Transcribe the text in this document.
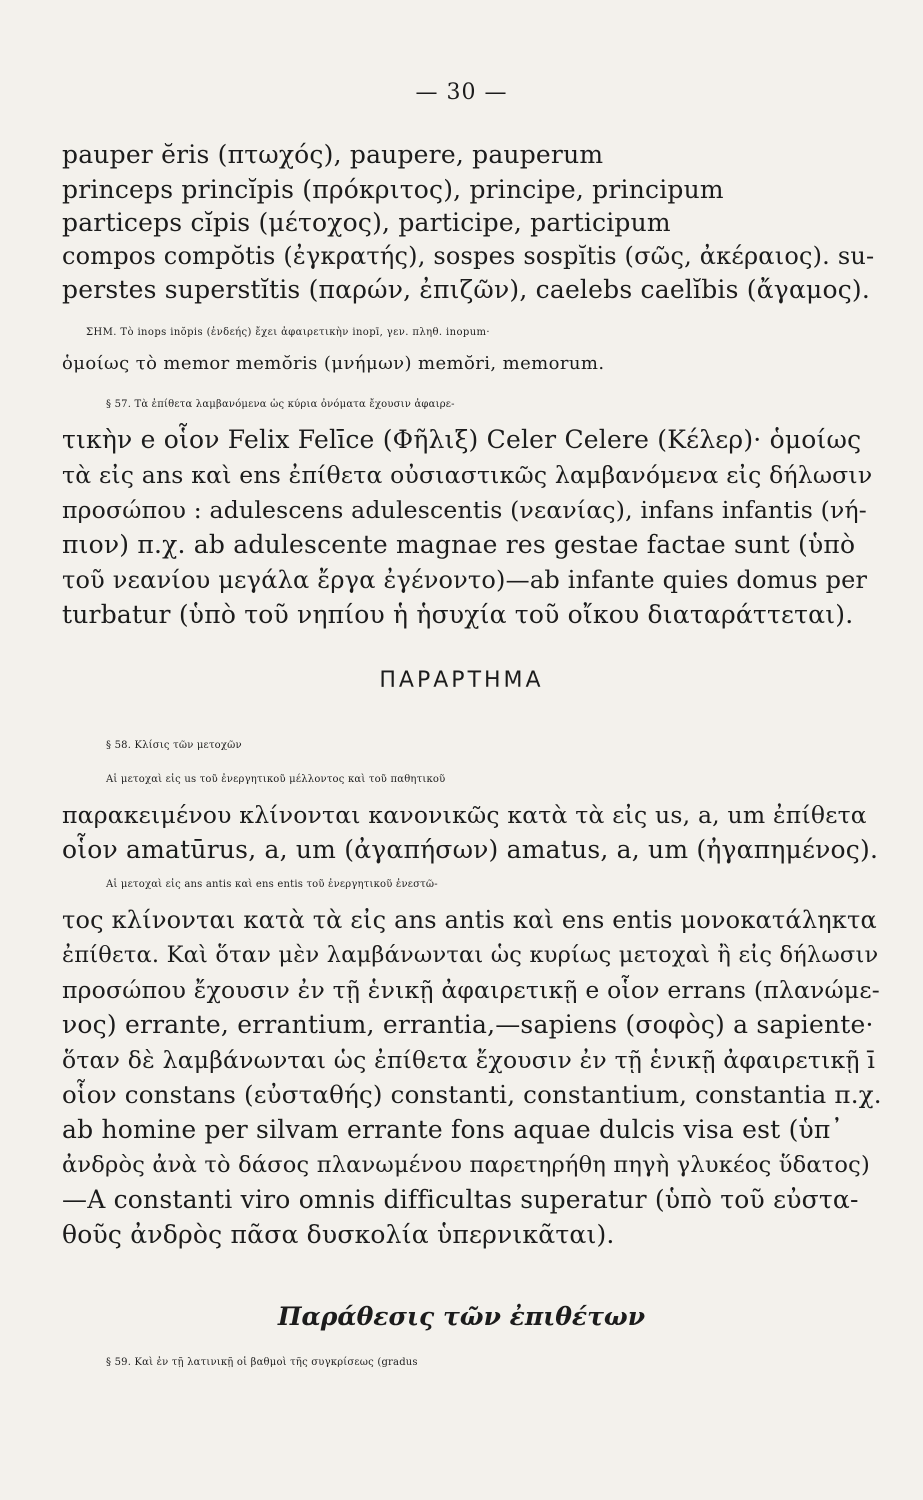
— 30 —
pauper ĕris (πτωχός), paupere, pauperum
princeps princĭpis (πρόκριτος), principe, principum
particeps cĭpis (μέτοχος), participe, participum
compos compŏtis (ἐγκρατής), sospes sospĭtis (σῶς, ἀκέραιος). su-
perstes superstĭtis (παρών, ἐπιζῶν), caelebs caelĭbis (ἄγαμος).
ΣΗΜ. Τὸ inops inŏpis (ἐνδεής) ἔχει ἀφαιρετικὴν inopī, γεν. πληθ. inopum·
ὁμοίως τὸ memor memŏris (μνήμων) memŏri, memorum.
§ 57. Τὰ ἐπίθετα λαμβανόμενα ὡς κύρια ὀνόματα ἔχουσιν ἀφαιρε-
τικὴν e οἷον Felix Felīce (Φῆλιξ) Celer Celere (Κέλερ)· ὁμοίως
τὰ εἰς ans καὶ ens ἐπίθετα οὐσιαστικῶς λαμβανόμενα εἰς δήλωσιν
προσώπου : adulescens adulescentis (νεανίας), infans infantis (νή-
πιον) π.χ. ab adulescente magnae res gestae factae sunt (ὑπὸ
τοῦ νεανίου μεγάλα ἔργα ἐγένοντο)—ab infante quies domus per
turbatur (ὑπὸ τοῦ νηπίου ἡ ἡσυχία τοῦ οἴκου διαταράττεται).
ΠΑΡΑΡΤΗΜΑ
§ 58. Κλίσις τῶν μετοχῶν
Αἱ μετοχαὶ εἰς us τοῦ ἐνεργητικοῦ μέλλοντος καὶ τοῦ παθητικοῦ
παρακειμένου κλίνονται κανονικῶς κατὰ τὰ εἰς us, a, um ἐπίθετα
οἷον amatūrus, a, um (ἀγαπήσων) amatus, a, um (ἠγαπημένος).
Αἱ μετοχαὶ εἰς ans antis καὶ ens entis τοῦ ἐνεργητικοῦ ἐνεστῶ-
τος κλίνονται κατὰ τὰ εἰς ans antis καὶ ens entis μονοκατάληκτα
ἐπίθετα. Καὶ ὅταν μὲν λαμβάνωνται ὡς κυρίως μετοχαὶ ἢ εἰς δήλωσιν
προσώπου ἔχουσιν ἐν τῇ ἑνικῇ ἀφαιρετικῇ e οἷον errans (πλανώμε-
νος) errante, errantium, errantia,—sapiens (σοφὸς) a sapiente·
ὅταν δὲ λαμβάνωνται ὡς ἐπίθετα ἔχουσιν ἐν τῇ ἑνικῇ ἀφαιρετικῇ ī
οἷον constans (εὐσταθής) constanti, constantium, constantia π.χ.
ab homine per silvam errante fons aquae dulcis visa est (ὑπ᾽
ἀνδρὸς ἀνὰ τὸ δάσος πλανωμένου παρετηρήθη πηγὴ γλυκέος ὕδατος)
—A constanti viro omnis difficultas superatur (ὑπὸ τοῦ εὐστα-
θοῦς ἀνδρὸς πᾶσα δυσκολία ὑπερνικᾶται).
Παράθεσις τῶν ἐπιθέτων
§ 59. Καὶ ἐν τῇ λατινικῇ οἱ βαθμοὶ τῆς συγκρίσεως (gradus
